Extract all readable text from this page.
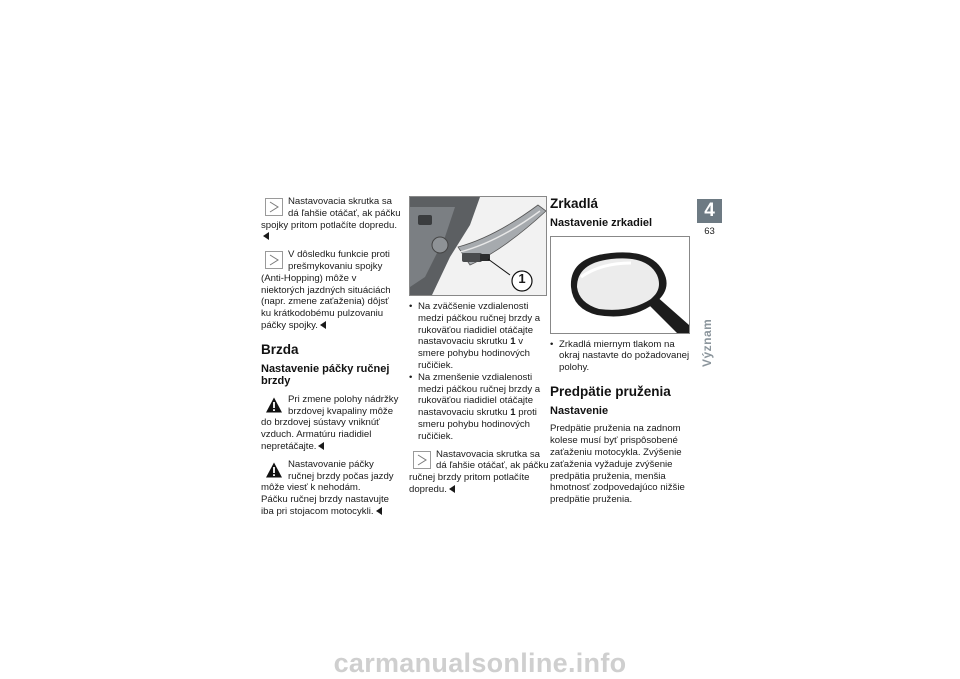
Nastavovacia skrutka sa dá ľahšie otáčať, ak páčku spojky pritom potlačíte dopredu.

V dôsledku funkcie proti prešmykovaniu spojky (Anti-Hopping) môže v niektorých jazdných situáciách (napr. zmene zaťaženia) dôjsť ku krátkodobému pulzovaniu páčky spojky.

Brzda
Nastavenie páčky ručnej brzdy

Pri zmene polohy nádržky brzdovej kvapaliny môže do brzdovej sústavy vniknúť vzduch. Armatúru riadidiel nepretáčajte.

Nastavovanie páčky ručnej brzdy počas jazdy môže viesť k nehodám.

Páčku ručnej brzdy nastavujte iba pri stojacom motocykli.

1
• Na zväčšenie vzdialenosti medzi páčkou ručnej brzdy a rukoväťou riadidiel otáčajte nastavovaciu skrutku 1 v smere pohybu hodinových ručičiek.
• Na zmenšenie vzdialenosti medzi páčkou ručnej brzdy a rukoväťou riadidiel otáčajte nastavovaciu skrutku 1 proti smeru pohybu hodinových ručičiek.

Nastavovacia skrutka sa dá ľahšie otáčať, ak páčku ručnej brzdy pritom potlačíte dopredu.

Zrkadlá
Nastavenie zrkadiel
• Zrkadlá miernym tlakom na okraj nastavte do požadovanej polohy.
Predpätie pruženia
Nastavenie

Predpätie pruženia na zadnom kolese musí byť prispôsobené zaťaženiu motocykla. Zvýšenie zaťaženia vyžaduje zvýšenie predpätia pruženia, menšia hmotnosť zodpovedajúco nižšie predpätie pruženia.

4
63
Význam
carmanualsonline.info
